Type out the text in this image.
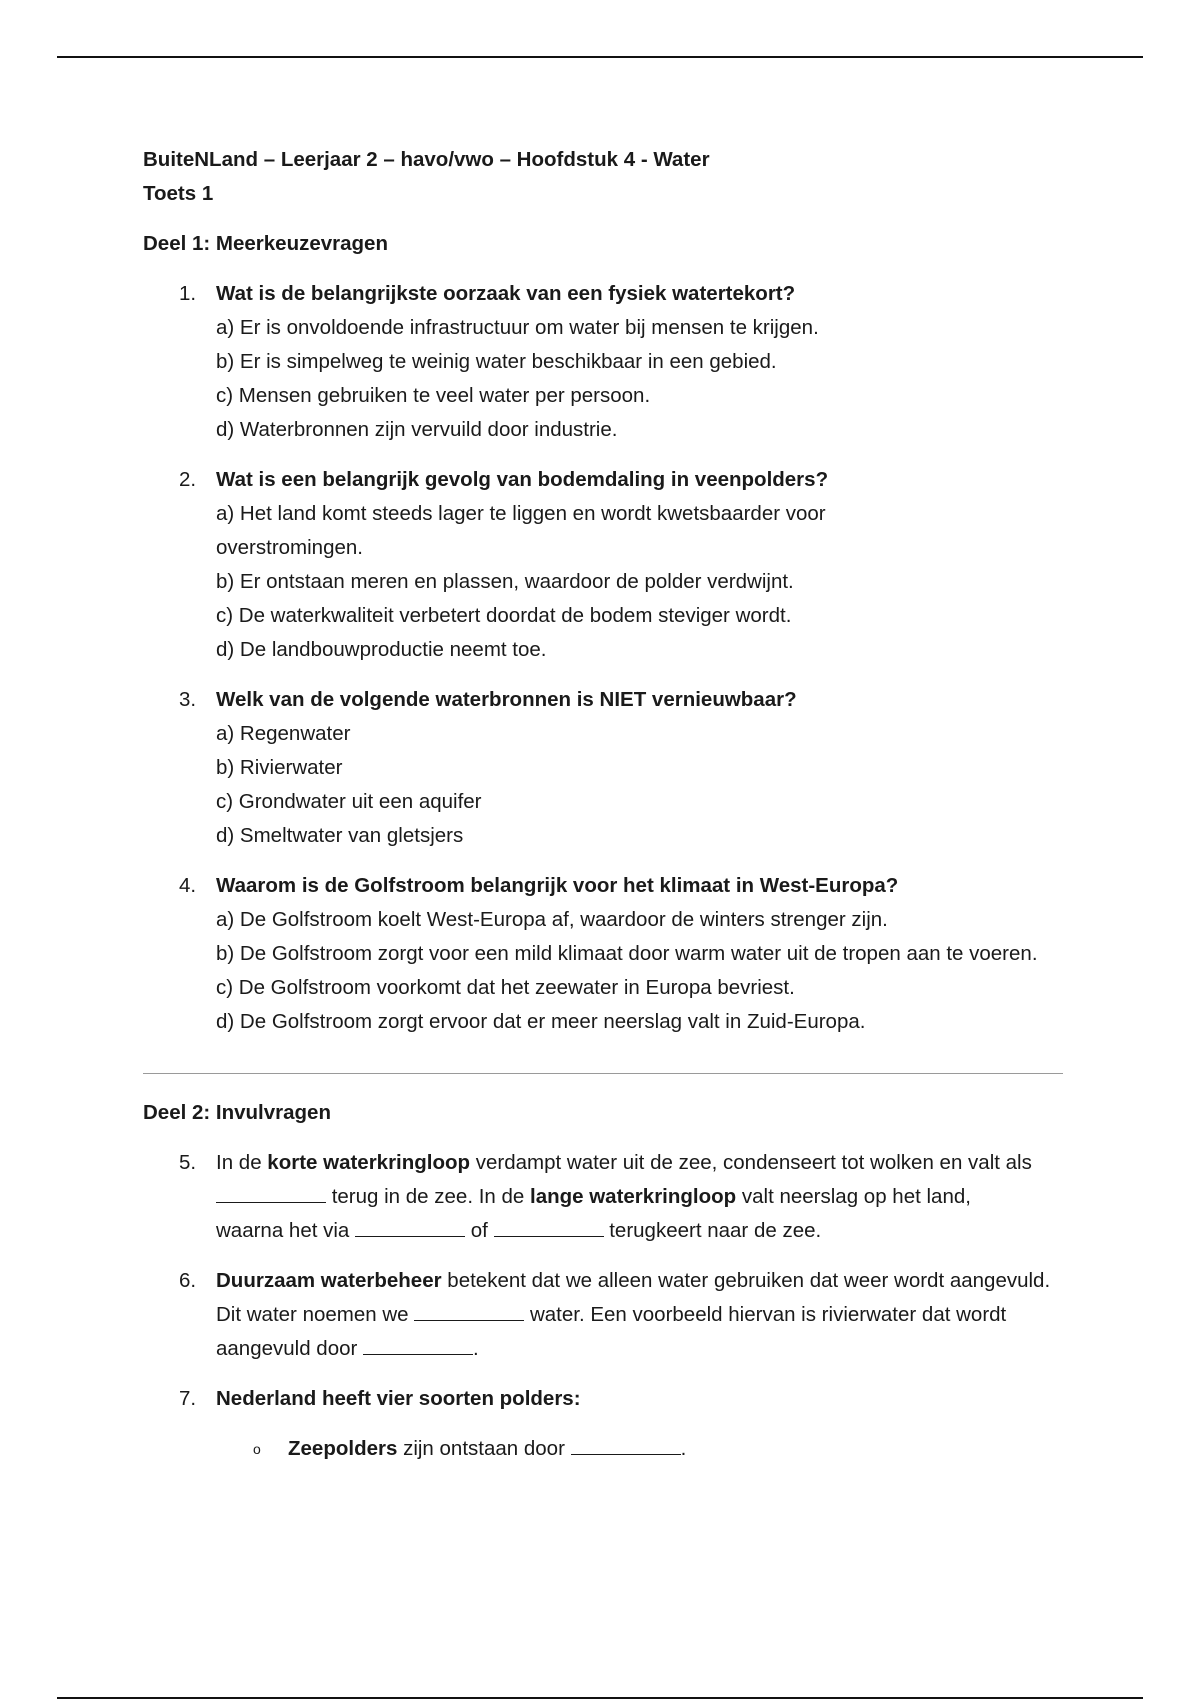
BuiteNLand – Leerjaar 2 – havo/vwo – Hoofdstuk 4 - Water
Toets 1
Deel 1: Meerkeuzevragen
1. Wat is de belangrijkste oorzaak van een fysiek watertekort?
a) Er is onvoldoende infrastructuur om water bij mensen te krijgen.
b) Er is simpelweg te weinig water beschikbaar in een gebied.
c) Mensen gebruiken te veel water per persoon.
d) Waterbronnen zijn vervuild door industrie.
2. Wat is een belangrijk gevolg van bodemdaling in veenpolders?
a) Het land komt steeds lager te liggen en wordt kwetsbaarder voor overstromingen.
b) Er ontstaan meren en plassen, waardoor de polder verdwijnt.
c) De waterkwaliteit verbetert doordat de bodem steviger wordt.
d) De landbouwproductie neemt toe.
3. Welk van de volgende waterbronnen is NIET vernieuwbaar?
a) Regenwater
b) Rivierwater
c) Grondwater uit een aquifer
d) Smeltwater van gletsjers
4. Waarom is de Golfstroom belangrijk voor het klimaat in West-Europa?
a) De Golfstroom koelt West-Europa af, waardoor de winters strenger zijn.
b) De Golfstroom zorgt voor een mild klimaat door warm water uit de tropen aan te voeren.
c) De Golfstroom voorkomt dat het zeewater in Europa bevriest.
d) De Golfstroom zorgt ervoor dat er meer neerslag valt in Zuid-Europa.
Deel 2: Invulvragen
5. In de korte waterkringloop verdampt water uit de zee, condenseert tot wolken en valt als  terug in de zee. In de lange waterkringloop valt neerslag op het land, waarna het via	of	terugkeert naar de zee.
6. Duurzaam waterbeheer betekent dat we alleen water gebruiken dat weer wordt aangevuld. Dit water noemen we	water. Een voorbeeld hiervan is rivierwater dat wordt aangevuld door	.
7. Nederland heeft vier soorten polders:
o Zeepolders zijn ontstaan door	.
